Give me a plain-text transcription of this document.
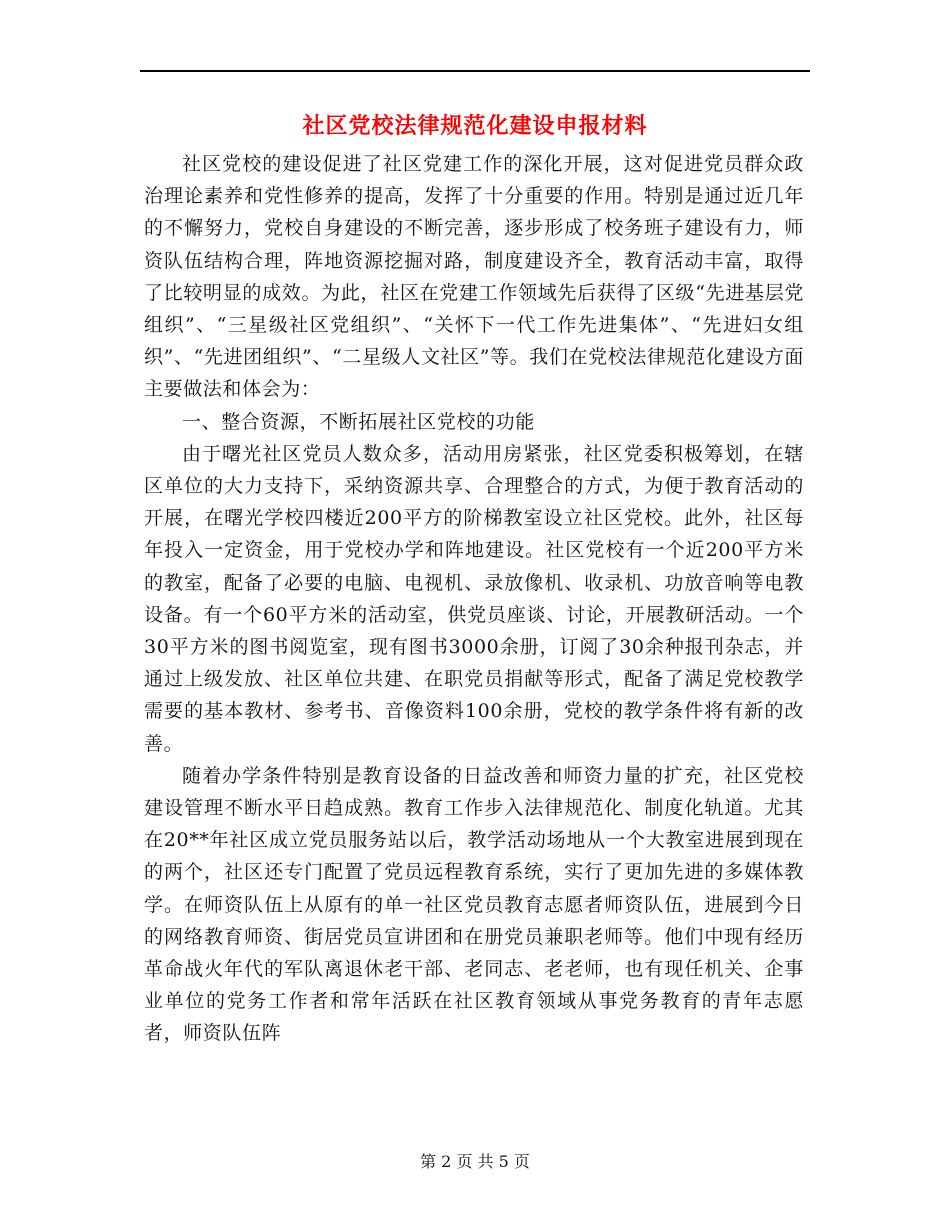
社区党校法律规范化建设申报材料

社区党校的建设促进了社区党建工作的深化开展，这对促进党员群众政治理论素养和党性修养的提高，发挥了十分重要的作用。特别是通过近几年的不懈努力，党校自身建设的不断完善，逐步形成了校务班子建设有力，师资队伍结构合理，阵地资源挖掘对路，制度建设齐全，教育活动丰富，取得了比较明显的成效。为此，社区在党建工作领域先后获得了区级“先进基层党组织”、“三星级社区党组织”、“关怀下一代工作先进集体”、“先进妇女组织”、“先进团组织”、“二星级人文社区”等。我们在党校法律规范化建设方面主要做法和体会为：

一、整合资源，不断拓展社区党校的功能

由于曙光社区党员人数众多，活动用房紧张，社区党委积极筹划，在辖区单位的大力支持下，采纳资源共享、合理整合的方式，为便于教育活动的开展，在曙光学校四楼近200平方的阶梯教室设立社区党校。此外，社区每年投入一定资金，用于党校办学和阵地建设。社区党校有一个近200平方米的教室，配备了必要的电脑、电视机、录放像机、收录机、功放音响等电教设备。有一个60平方米的活动室，供党员座谈、讨论，开展教研活动。一个30平方米的图书阅览室，现有图书3000余册，订阅了30余种报刊杂志，并通过上级发放、社区单位共建、在职党员捐献等形式，配备了满足党校教学需要的基本教材、参考书、音像资料100余册，党校的教学条件将有新的改善。

随着办学条件特别是教育设备的日益改善和师资力量的扩充，社区党校建设管理不断水平日趋成熟。教育工作步入法律规范化、制度化轨道。尤其在20**年社区成立党员服务站以后，教学活动场地从一个大教室进展到现在的两个，社区还专门配置了党员远程教育系统，实行了更加先进的多媒体教学。在师资队伍上从原有的单一社区党员教育志愿者师资队伍，进展到今日的网络教育师资、街居党员宣讲团和在册党员兼职老师等。他们中现有经历革命战火年代的军队离退休老干部、老同志、老老师，也有现任机关、企事业单位的党务工作者和常年活跃在社区教育领域从事党务教育的青年志愿者，师资队伍阵

第 2 页 共 5 页
